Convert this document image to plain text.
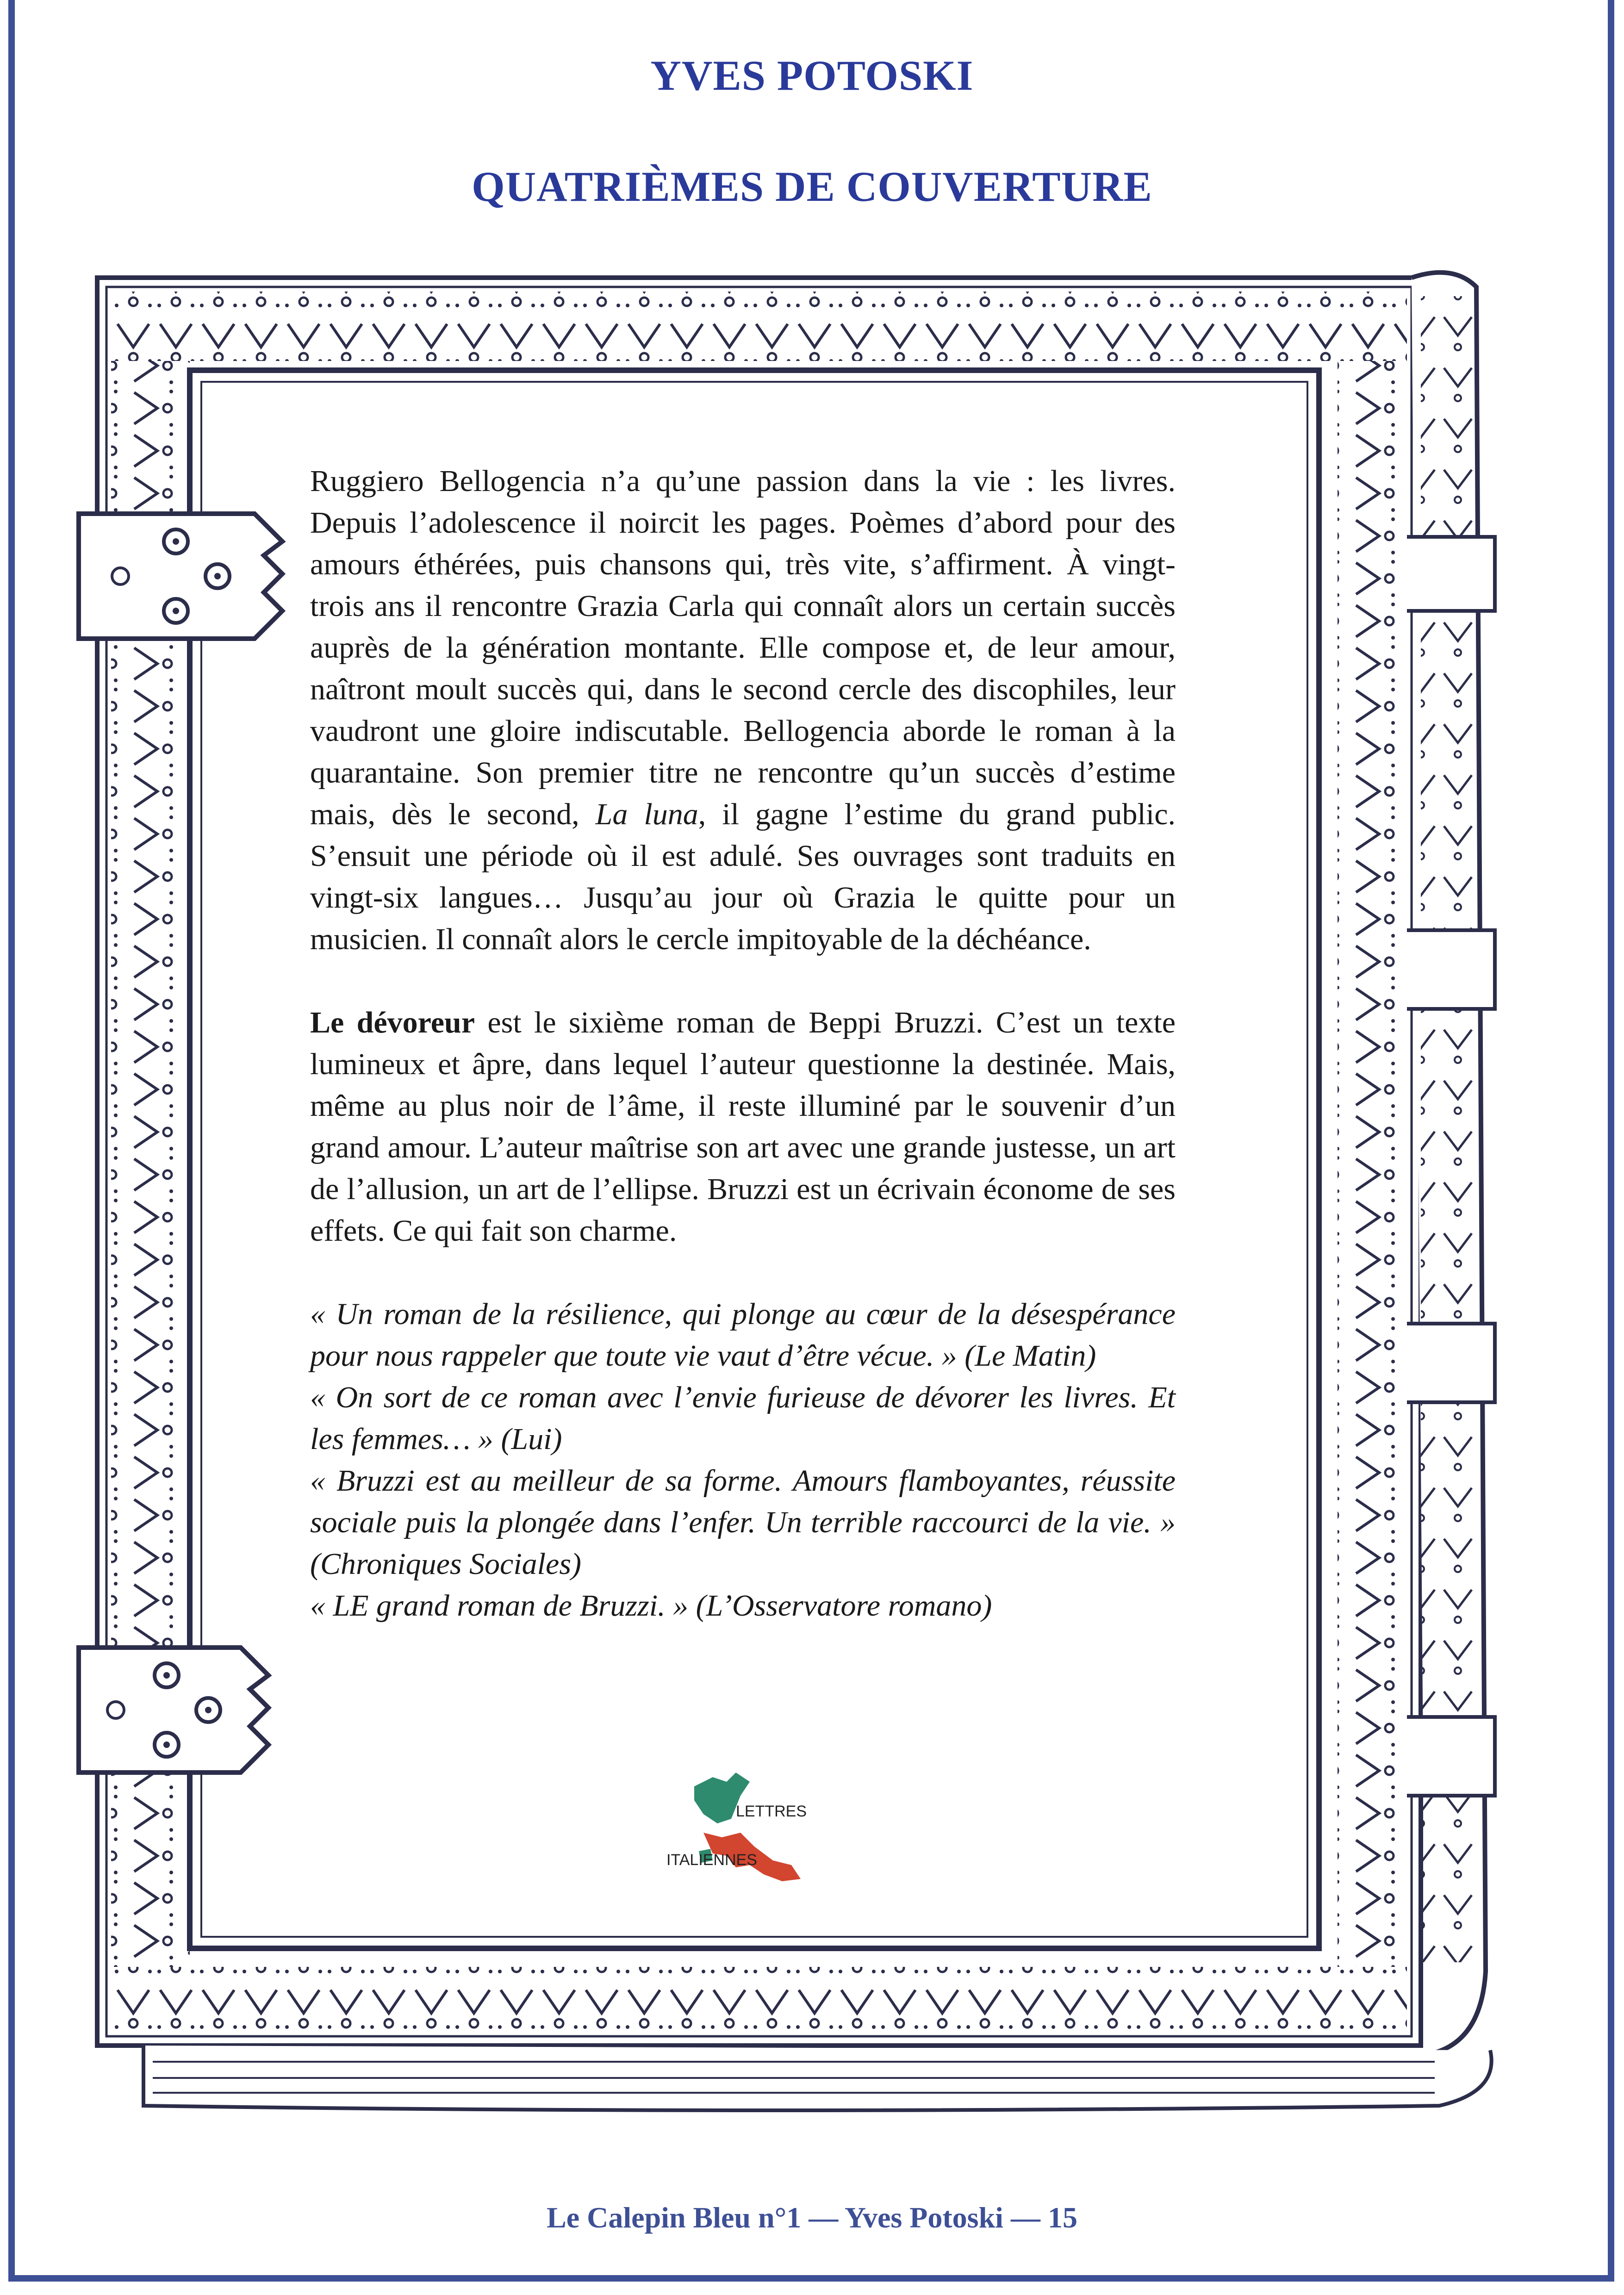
YVES POTOSKI
QUATRIÈMES DE COUVERTURE

Ruggiero Bellogencia n’a qu’une passion dans la vie : les livres. Depuis l’adolescence il noircit les pages. Poèmes d’abord pour des amours éthérées, puis chansons qui, très vite, s’affirment. À vingt-trois ans il rencontre Grazia Carla qui connaît alors un certain succès auprès de la génération montante. Elle compose et, de leur amour, naîtront moult succès qui, dans le second cercle des discophiles, leur vaudront une gloire indiscutable. Bellogencia aborde le roman à la quarantaine. Son premier titre ne rencontre qu’un succès d’estime mais, dès le second, La luna, il gagne l’estime du grand public. S’ensuit une période où il est adulé. Ses ouvrages sont traduits en vingt-six langues… Jusqu’au jour où Grazia le quitte pour un musicien. Il connaît alors le cercle impitoyable de la déchéance.

Le dévoreur est le sixième roman de Beppi Bruzzi. C’est un texte lumineux et âpre, dans lequel l’auteur questionne la destinée. Mais, même au plus noir de l’âme, il reste illuminé par le souvenir d’un grand amour. L’auteur maîtrise son art avec une grande justesse, un art de l’allusion, un art de l’ellipse. Bruzzi est un écrivain économe de ses effets. Ce qui fait son charme.

« Un roman de la résilience, qui plonge au cœur de la désespérance pour nous rappeler que toute vie vaut d’être vécue. » (Le Matin)

« On sort de ce roman avec l’envie furieuse de dévorer les livres. Et les femmes… » (Lui)

« Bruzzi est au meilleur de sa forme. Amours flamboyantes, réussite sociale puis la plongée dans l’enfer. Un terrible raccourci de la vie. » (Chroniques Sociales)

« LE grand roman de Bruzzi. » (L’Osservatore romano)

LETTRES
ITALIENNES
Le Calepin Bleu n°1 — Yves Potoski — 15
